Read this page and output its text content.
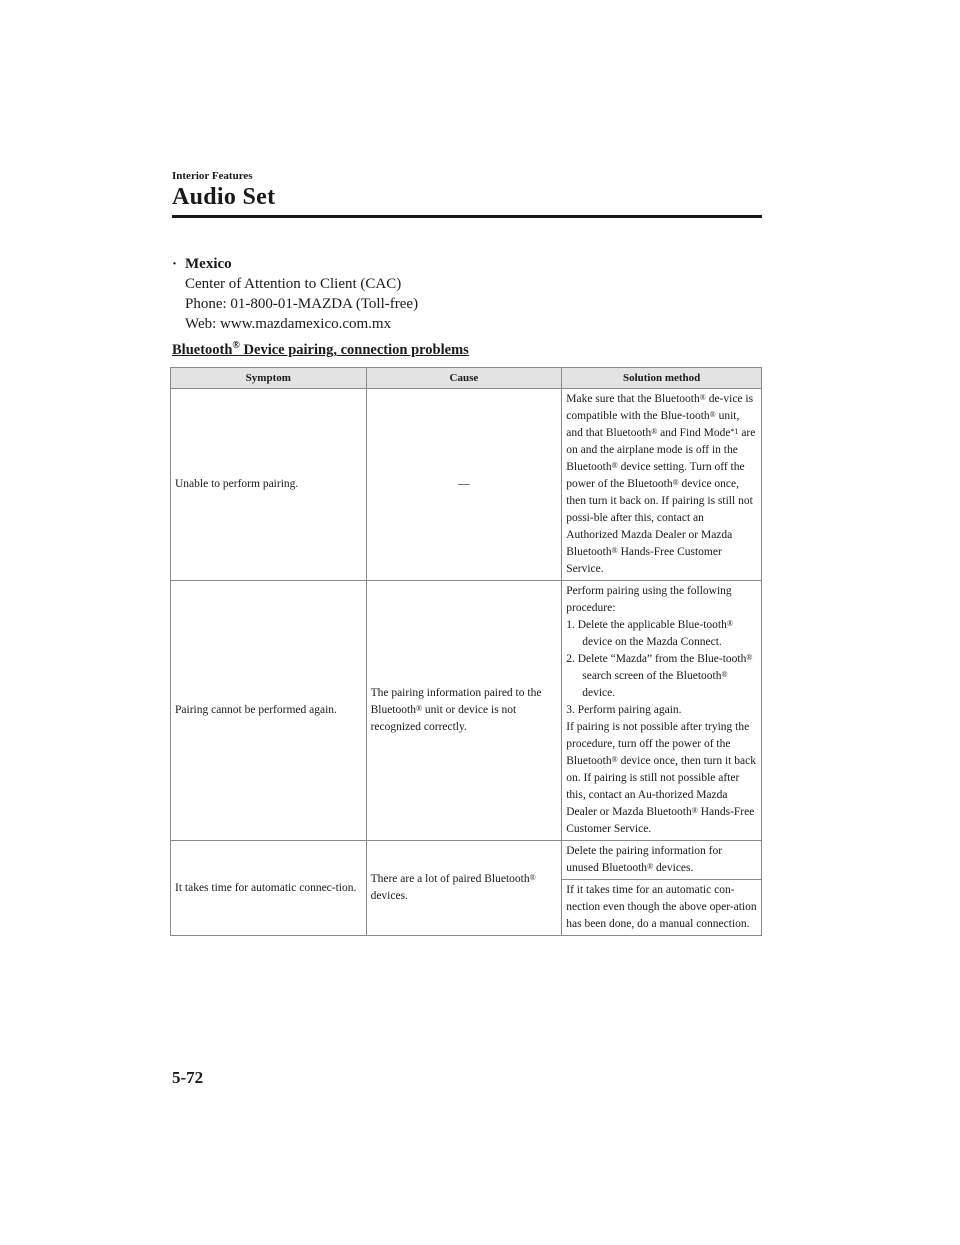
Interior Features
Audio Set
· Mexico
Center of Attention to Client (CAC)
Phone: 01-800-01-MAZDA (Toll-free)
Web: www.mazdamexico.com.mx
Bluetooth® Device pairing, connection problems
Symptom	Cause	Solution method
Unable to perform pairing.	—	Make sure that the Bluetooth® de-vice is compatible with the Blue-tooth® unit, and that Bluetooth® and Find Mode$^{*1}$ are on and the airplane mode is off in the Bluetooth® device setting. Turn off the power of the Bluetooth® device once, then turn it back on. If pairing is still not possi-ble after this, contact an Authorized Mazda Dealer or Mazda Bluetooth® Hands-Free Customer Service.
Pairing cannot be performed again.	The pairing information paired to the Bluetooth® unit or device is not recognized correctly.	Perform pairing using the following procedure:
1. Delete the applicable Blue-tooth® device on the Mazda Connect.
2. Delete “Mazda” from the Blue-tooth® search screen of the Bluetooth® device.
3. Perform pairing again.
If pairing is not possible after trying the procedure, turn off the power of the Bluetooth® device once, then turn it back on. If pairing is still not possible after this, contact an Au-thorized Mazda Dealer or Mazda Bluetooth® Hands-Free Customer Service.

It takes time for automatic connec-tion.	There are a lot of paired Bluetooth® devices.	Delete the pairing information for unused Bluetooth® devices.
		If it takes time for an automatic con-nection even though the above oper-ation has been done, do a manual connection.
5-72
